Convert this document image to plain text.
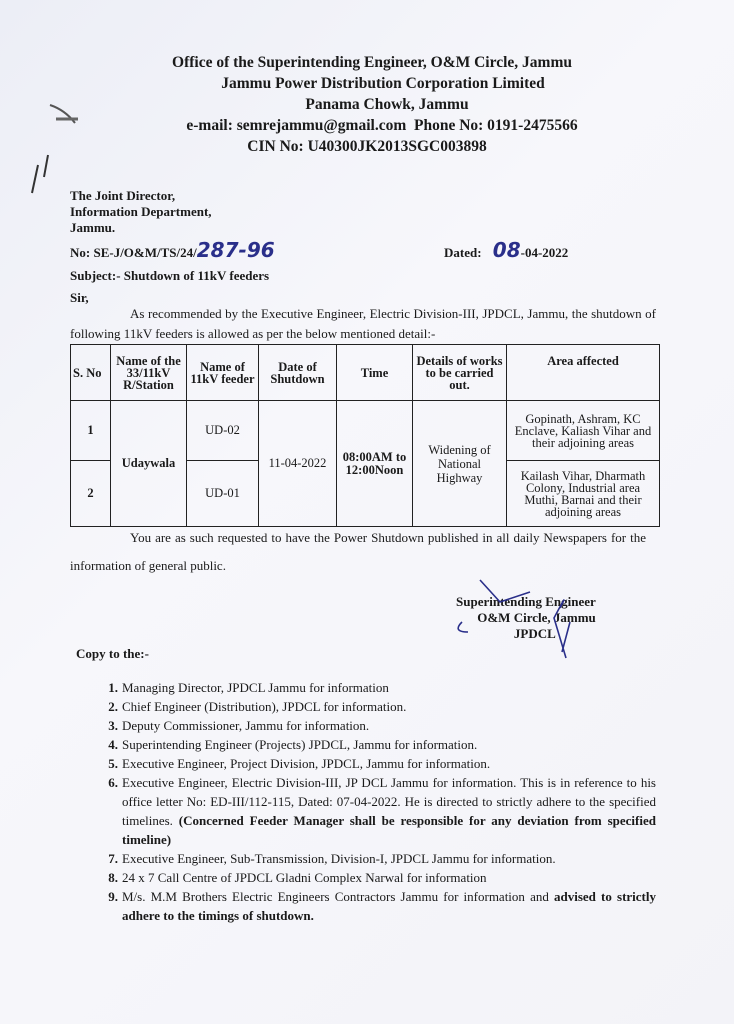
Office of the Superintending Engineer, O&M Circle, Jammu
Jammu Power Distribution Corporation Limited
Panama Chowk, Jammu
e-mail: semrejammu@gmail.com  Phone No: 0191-2475566
CIN No: U40300JK2013SGC003898
The Joint Director,
Information Department,
Jammu.
No: SE-J/O&M/TS/24/287-96	Dated: 08-04-2022
Subject:- Shutdown of 11kV feeders
Sir,
As recommended by the Executive Engineer, Electric Division-III, JPDCL, Jammu, the shutdown of following 11kV feeders is allowed as per the below mentioned detail:-
S. No	Name of the 33/11kV R/Station	Name of 11kV feeder	Date of Shutdown	Time	Details of works to be carried out.	Area affected
1	Udaywala	UD-02	11-04-2022	08:00AM to 12:00Noon	Widening of National Highway	Gopinath, Ashram, KC Enclave, Kaliash Vihar and their adjoining areas
2		UD-01				Kailash Vihar, Dharmath Colony, Industrial area Muthi, Barnai and their adjoining areas
You are as such requested to have the Power Shutdown published in all daily Newspapers for the information of general public.
Superintending Engineer
O&M Circle, Jammu
JPDCL
Copy to the:-
1. Managing Director, JPDCL Jammu for information
2. Chief Engineer (Distribution), JPDCL for information.
3. Deputy Commissioner, Jammu for information.
4. Superintending Engineer (Projects) JPDCL, Jammu for information.
5. Executive Engineer, Project Division, JPDCL, Jammu for information.
6. Executive Engineer, Electric Division-III, JP DCL Jammu for information. This is in reference to his office letter No: ED-III/112-115, Dated: 07-04-2022. He is directed to strictly adhere to the specified timelines. (Concerned Feeder Manager shall be responsible for any deviation from specified timeline)
7. Executive Engineer, Sub-Transmission, Division-I, JPDCL Jammu for information.
8. 24 x 7 Call Centre of JPDCL Gladni Complex Narwal for information
9. M/s. M.M Brothers Electric Engineers Contractors Jammu for information and advised to strictly adhere to the timings of shutdown.
